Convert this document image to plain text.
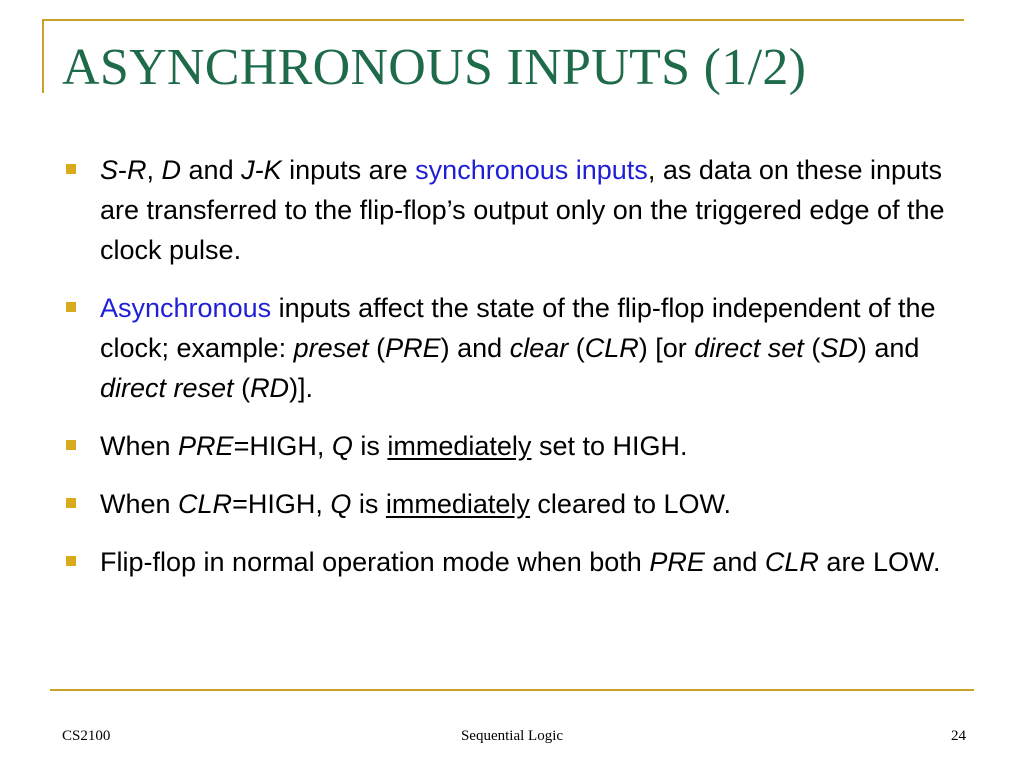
ASYNCHRONOUS INPUTS (1/2)
S-R, D and J-K inputs are synchronous inputs, as data on these inputs are transferred to the flip-flop’s output only on the triggered edge of the clock pulse.
Asynchronous inputs affect the state of the flip-flop independent of the clock; example: preset (PRE) and clear (CLR) [or direct set (SD) and direct reset (RD)].
When PRE=HIGH, Q is immediately set to HIGH.
When CLR=HIGH, Q is immediately cleared to LOW.
Flip-flop in normal operation mode when both PRE and CLR are LOW.
CS2100	Sequential Logic	24
